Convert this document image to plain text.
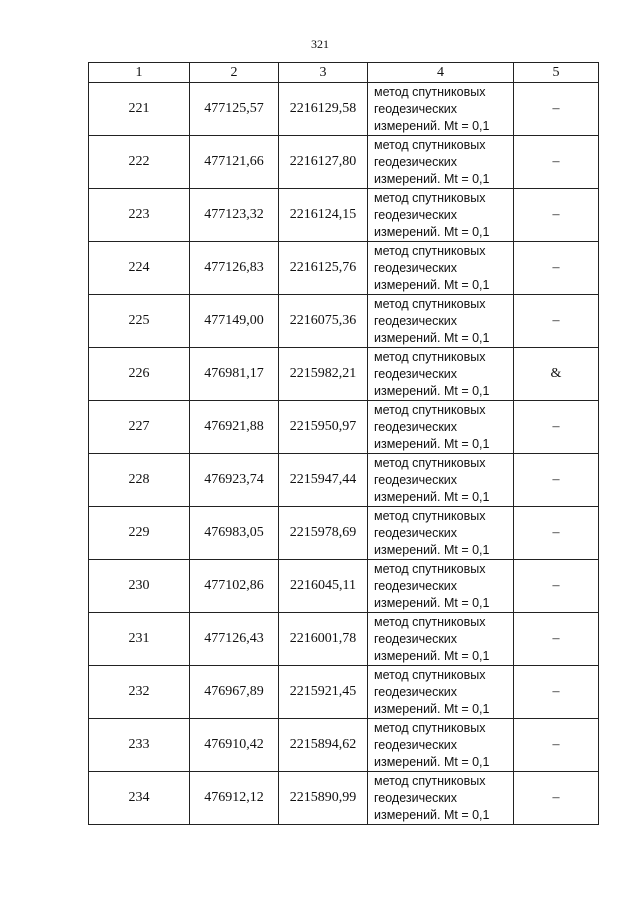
321
1	2	3	4	5
221	477125,57	2216129,58	метод спутниковых
геодезических
измерений. Mt = 0,1	–
222	477121,66	2216127,80	метод спутниковых
геодезических
измерений. Mt = 0,1	–
223	477123,32	2216124,15	метод спутниковых
геодезических
измерений. Mt = 0,1	–
224	477126,83	2216125,76	метод спутниковых
геодезических
измерений. Mt = 0,1	–
225	477149,00	2216075,36	метод спутниковых
геодезических
измерений. Mt = 0,1	–
226	476981,17	2215982,21	метод спутниковых
геодезических
измерений. Mt = 0,1	&
227	476921,88	2215950,97	метод спутниковых
геодезических
измерений. Mt = 0,1	–
228	476923,74	2215947,44	метод спутниковых
геодезических
измерений. Mt = 0,1	–
229	476983,05	2215978,69	метод спутниковых
геодезических
измерений. Mt = 0,1	–
230	477102,86	2216045,11	метод спутниковых
геодезических
измерений. Mt = 0,1	–
231	477126,43	2216001,78	метод спутниковых
геодезических
измерений. Mt = 0,1	–
232	476967,89	2215921,45	метод спутниковых
геодезических
измерений. Mt = 0,1	–
233	476910,42	2215894,62	метод спутниковых
геодезических
измерений. Mt = 0,1	–
234	476912,12	2215890,99	метод спутниковых
геодезических
измерений. Mt = 0,1	–
